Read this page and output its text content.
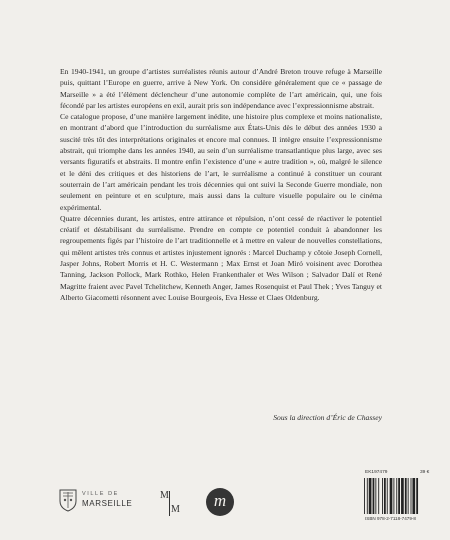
En 1940-1941, un groupe d’artistes surréalistes réunis autour d’André Breton trouve refuge à Marseille puis, quittant l’Europe en guerre, arrive à New York. On considère généralement que ce « passage de Marseille » a été l’élément déclencheur d’une autonomie complète de l’art américain, qui, une fois fécondé par les artistes européens en exil, aurait pris son indépendance avec l’expressionnisme abstrait.

Ce catalogue propose, d’une manière largement inédite, une histoire plus complexe et moins nationaliste, en montrant d’abord que l’introduction du surréalisme aux États-Unis dès le début des années 1930 a suscité très tôt des interprétations originales et encore mal connues. Il intègre ensuite l’expressionnisme abstrait, qui triomphe dans les années 1940, au sein d’un surréalisme transatlantique plus large, avec ses versants figuratifs et abstraits. Il montre enfin l’existence d’une « autre tradition », où, malgré le silence et le déni des critiques et des historiens de l’art, le surréalisme a continué à constituer un courant souterrain de l’art américain pendant les trois décennies qui ont suivi la Seconde Guerre mondiale, non seulement en peinture et en sculpture, mais aussi dans la culture visuelle populaire ou le cinéma expérimental.

Quatre décennies durant, les artistes, entre attirance et répulsion, n’ont cessé de réactiver le potentiel créatif et déstabilisant du surréalisme. Prendre en compte ce potentiel conduit à abandonner les regroupements figés par l’histoire de l’art traditionnelle et à mettre en valeur de nouvelles constellations, qui mêlent artistes très connus et artistes injustement ignorés : Marcel Duchamp y côtoie Joseph Cornell, Jasper Johns, Robert Morris et H. C. Westermann ; Max Ernst et Joan Miró voisinent avec Dorothea Tanning, Jackson Pollock, Mark Rothko, Helen Frankenthaler et Wes Wilson ; Salvador Dalí et René Magritte fraient avec Pavel Tchelitchew, Kenneth Anger, James Rosenquist et Paul Thek ; Yves Tanguy et Alberto Giacometti résonnent avec Louise Bourgeois, Eva Hesse et Claes Oldenburg.

Sous la direction d’Éric de Chassey
VILLE DE
MARSEILLE
M
M	m
EK197479	39 €
ISBN 978-2-7118-7479-8
